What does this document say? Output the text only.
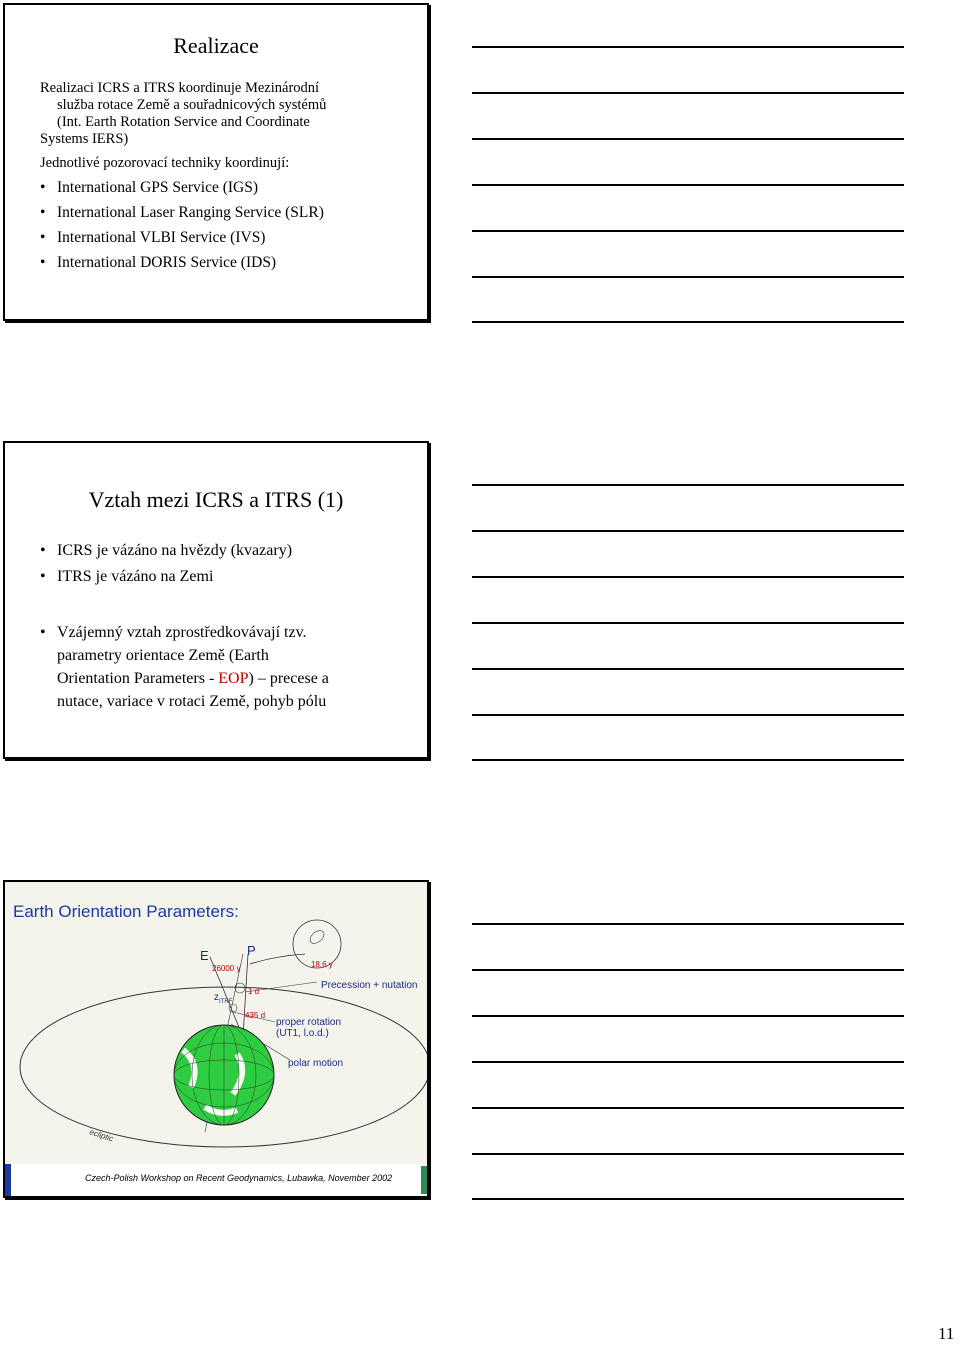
Realizace
Realizaci ICRS a ITRS koordinuje Mezinárodní
služba rotace Země a souřadnicových systémů
(Int. Earth Rotation Service and Coordinate
Systems IERS)
Jednotlivé pozorovací techniky koordinují:
• International GPS Service (IGS)
• International Laser Ranging Service (SLR)
• International VLBI Service (IVS)
• International DORIS Service (IDS)
Vztah mezi ICRS a ITRS (1)
• ICRS je vázáno na hvězdy (kvazary)
• ITRS je vázáno na Zemi
• Vzájemný vztah zprostředkovávají tzv.
parametry orientace Země (Earth
Orientation Parameters - EOP) – precese a
nutace, variace v rotaci Země, pohyb pólu
Earth Orientation Parameters:
ecliptic
E	P
26000 y	18.6 y
1 d
435 d
$z_{ITRF}$
Precession + nutation
proper rotation
(UT1, l.o.d.)
polar motion
Czech-Polish Workshop on Recent Geodynamics, Lubawka, November 2002
11
